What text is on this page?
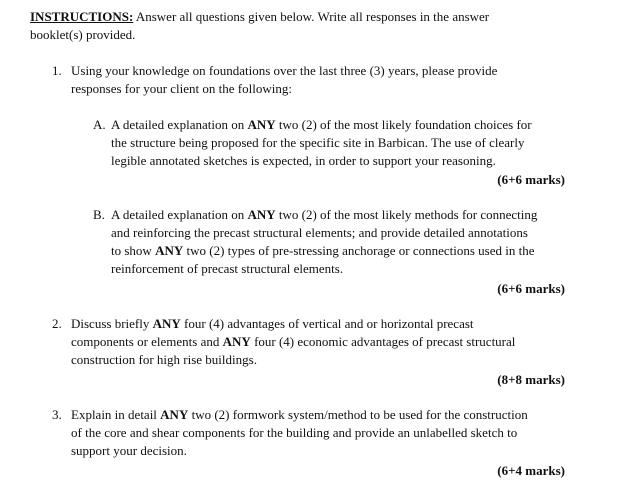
INSTRUCTIONS: Answer all questions given below. Write all responses in the answer
booklet(s) provided.
1. Using your knowledge on foundations over the last three (3) years, please provide
responses for your client on the following:
A. A detailed explanation on ANY two (2) of the most likely foundation choices for
the structure being proposed for the specific site in Barbican. The use of clearly
legible annotated sketches is expected, in order to support your reasoning.
(6+6 marks)
B. A detailed explanation on ANY two (2) of the most likely methods for connecting
and reinforcing the precast structural elements; and provide detailed annotations
to show ANY two (2) types of pre-stressing anchorage or connections used in the
reinforcement of precast structural elements.
(6+6 marks)
2. Discuss briefly ANY four (4) advantages of vertical and or horizontal precast
components or elements and ANY four (4) economic advantages of precast structural
construction for high rise buildings.
(8+8 marks)
3. Explain in detail ANY two (2) formwork system/method to be used for the construction
of the core and shear components for the building and provide an unlabelled sketch to
support your decision.
(6+4 marks)
